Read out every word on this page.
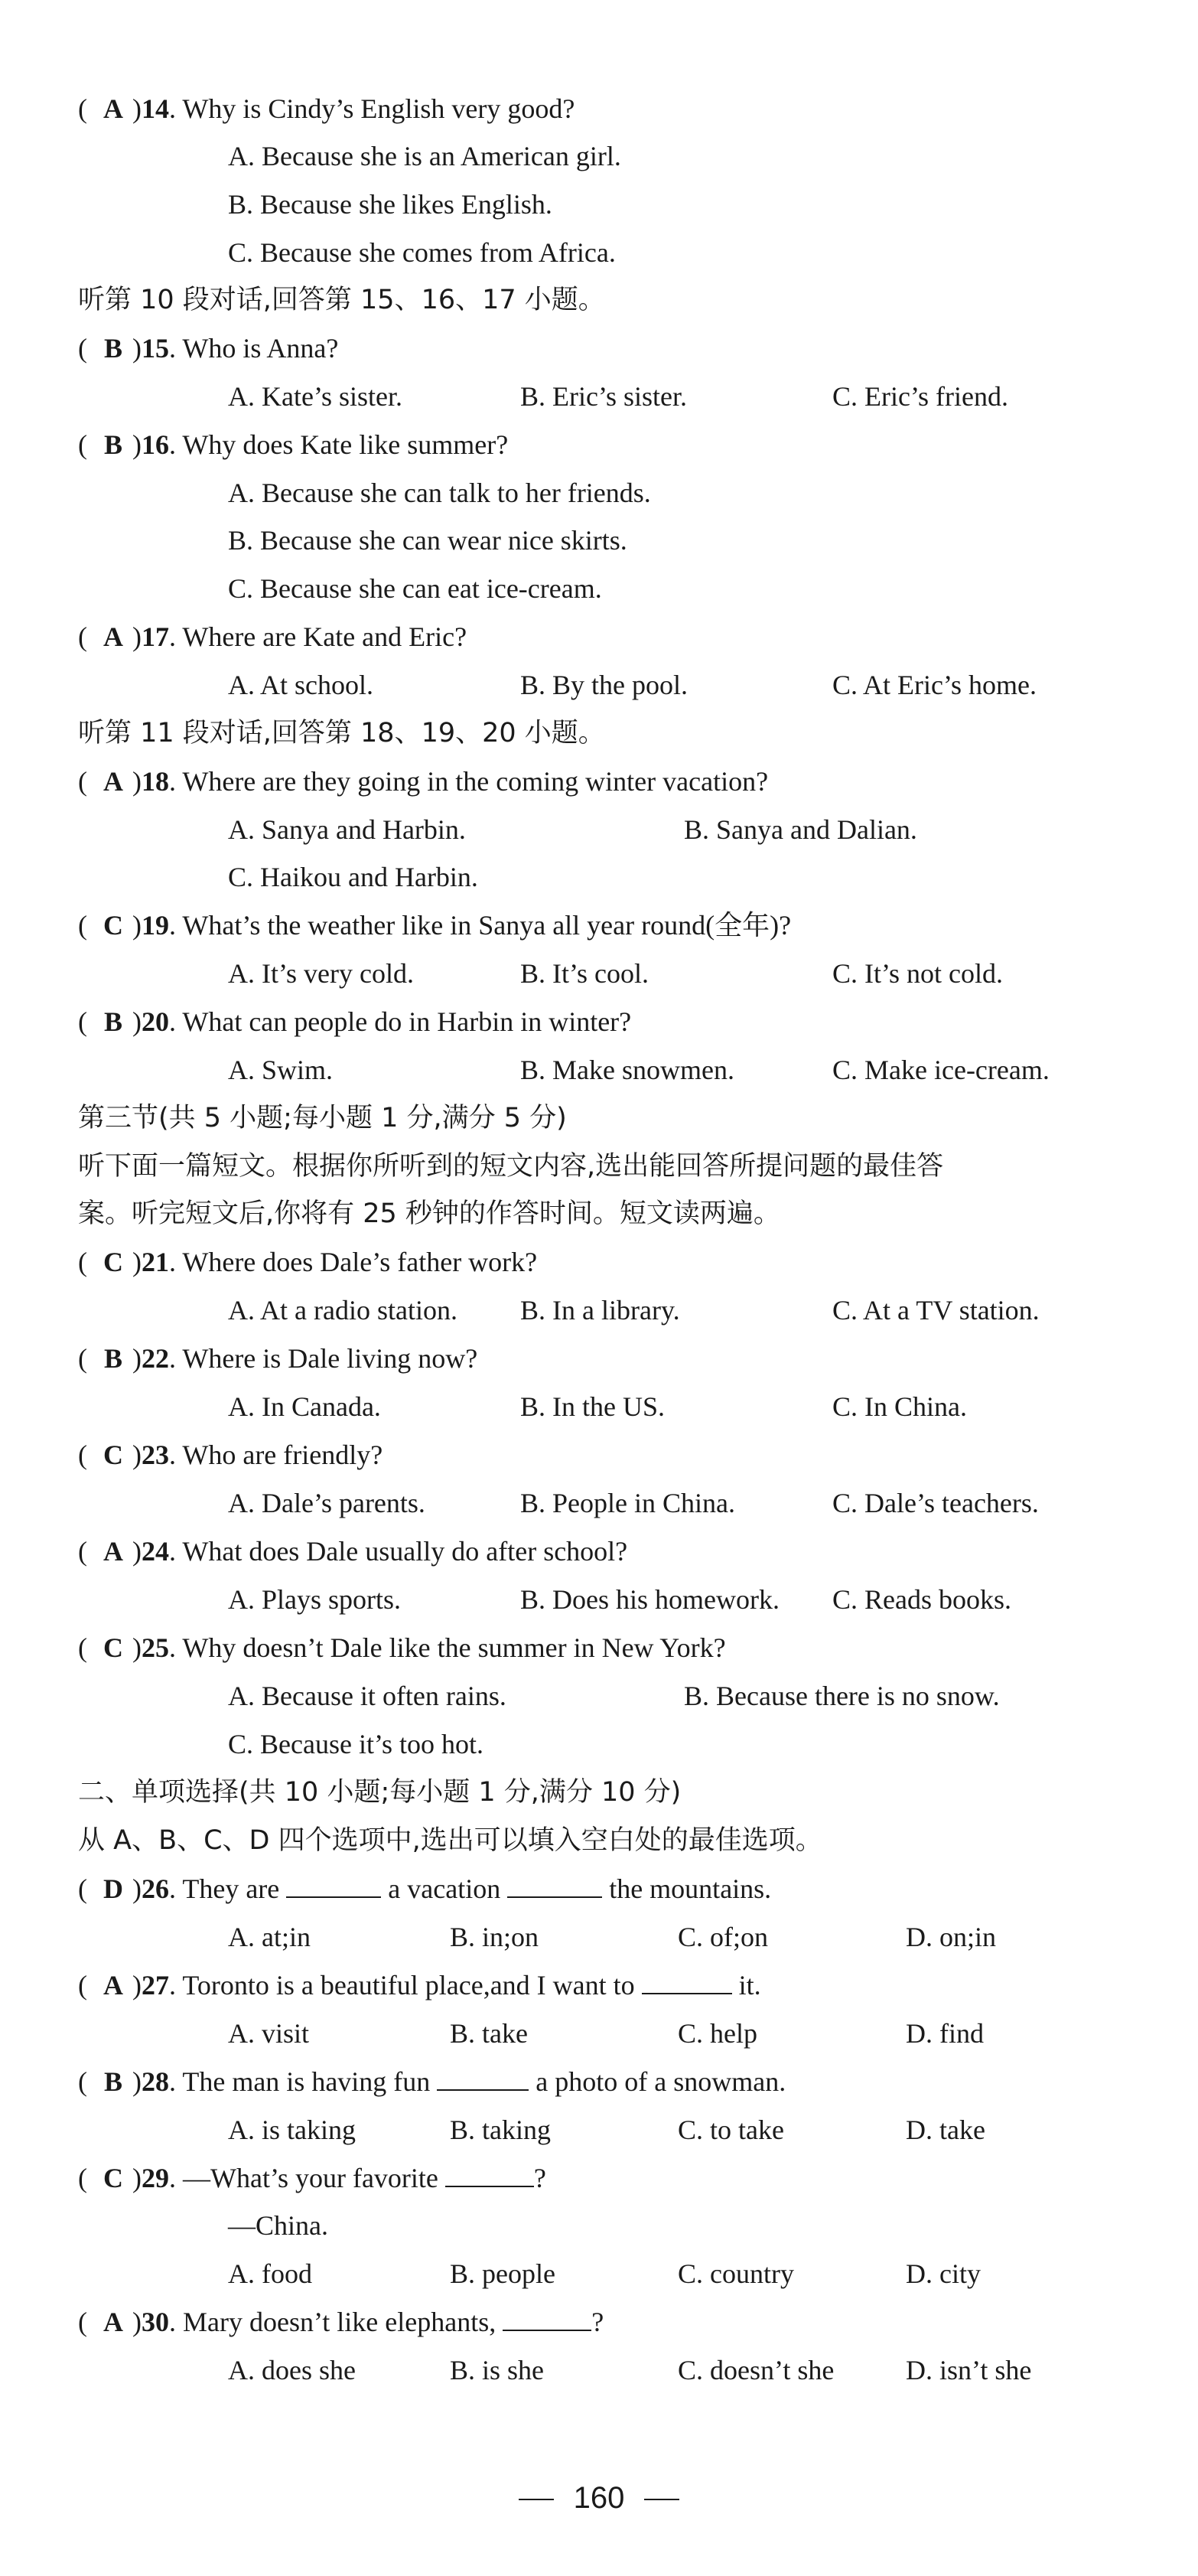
( A )14. Why is Cindy’s English very good?
A. Because she is an American girl.
B. Because she likes English.
C. Because she comes from Africa.
听第 10 段对话,回答第 15、16、17 小题。
( B )15. Who is Anna?
A. Kate’s sister.	B. Eric’s sister.	C. Eric’s friend.
( B )16. Why does Kate like summer?
A. Because she can talk to her friends.
B. Because she can wear nice skirts.
C. Because she can eat ice-cream.
( A )17. Where are Kate and Eric?
A. At school.	B. By the pool.	C. At Eric’s home.
听第 11 段对话,回答第 18、19、20 小题。
( A )18. Where are they going in the coming winter vacation?
A. Sanya and Harbin.	B. Sanya and Dalian.
C. Haikou and Harbin.
( C )19. What’s the weather like in Sanya all year round(全年)?
A. It’s very cold.	B. It’s cool.	C. It’s not cold.
( B )20. What can people do in Harbin in winter?
A. Swim.	B. Make snowmen.	C. Make ice-cream.
第三节(共 5 小题;每小题 1 分,满分 5 分)
听下面一篇短文。根据你所听到的短文内容,选出能回答所提问题的最佳答
案。听完短文后,你将有 25 秒钟的作答时间。短文读两遍。
( C )21. Where does Dale’s father work?
A. At a radio station. B. In a library.	C. At a TV station.
( B )22. Where is Dale living now?
A. In Canada.	B. In the US.	C. In China.
( C )23. Who are friendly?
A. Dale’s parents.	B. People in China.	C. Dale’s teachers.
( A )24. What does Dale usually do after school?
A. Plays sports.	B. Does his homework. C. Reads books.
( C )25. Why doesn’t Dale like the summer in New York?
A. Because it often rains.	B. Because there is no snow.
C. Because it’s too hot.
二、单项选择(共 10 小题;每小题 1 分,满分 10 分)
从 A、B、C、D 四个选项中,选出可以填入空白处的最佳选项。
( D )26. They are	a vacation	the mountains.
A. at;in	B. in;on	C. of;on	D. on;in
( A )27. Toronto is a beautiful place,and I want to	it.
A. visit	B. take	C. help	D. find
( B )28. The man is having fun	a photo of a snowman.
A. is taking	B. taking	C. to take	D. take
( C )29. —What’s your favorite	?
—China.
A. food	B. people	C. country	D. city
( A )30. Mary doesn’t like elephants,	?
A. does she	B. is she	C. doesn’t she	D. isn’t she
160
